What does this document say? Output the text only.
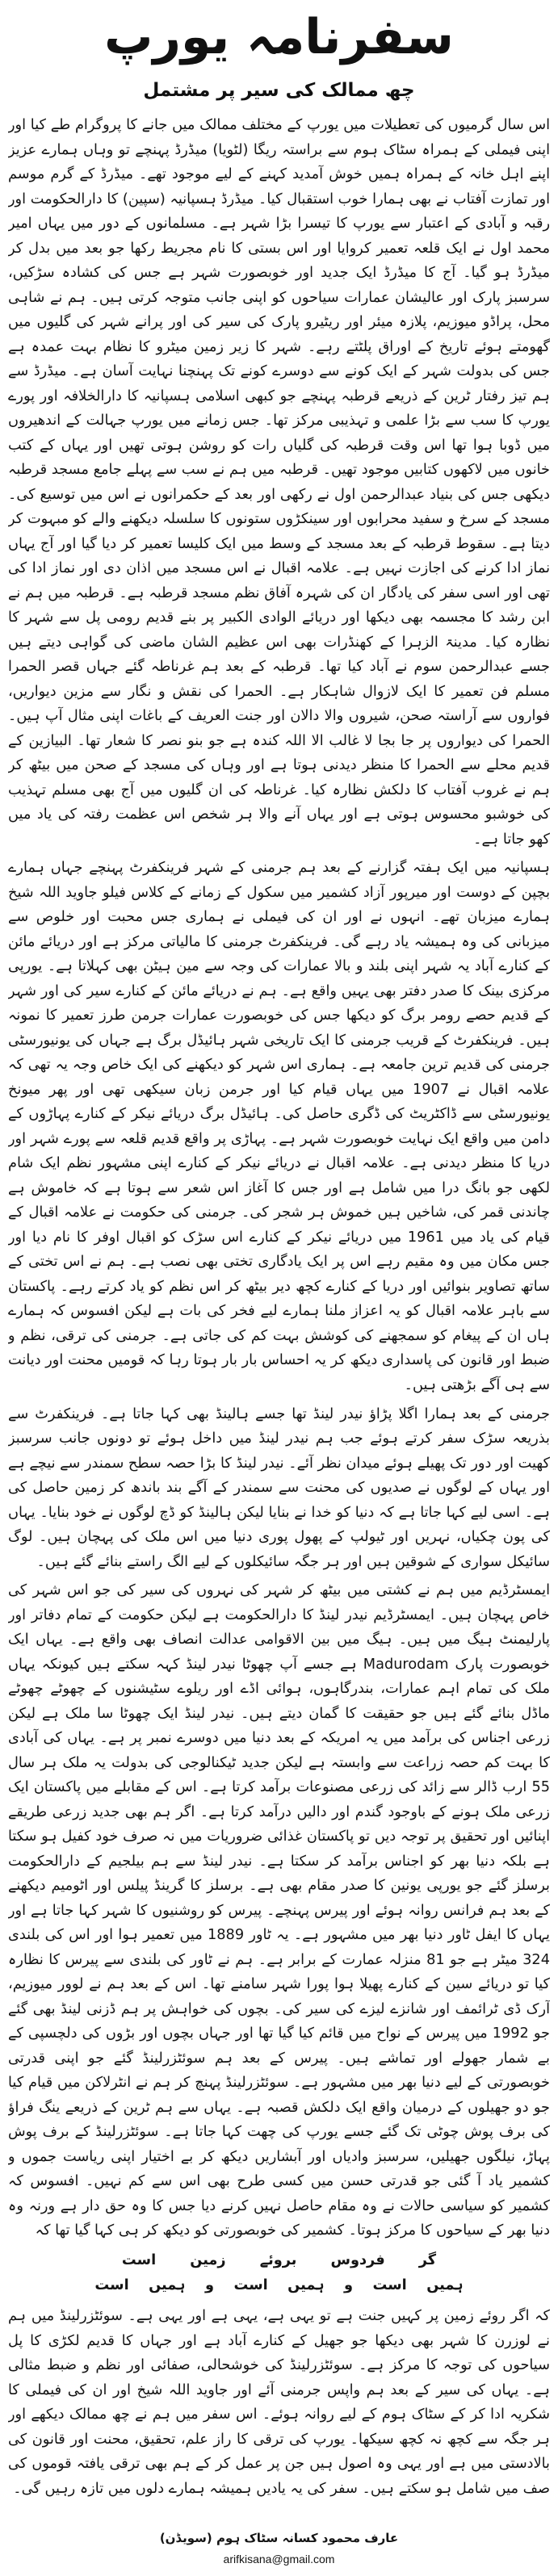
سفرنامہ یورپ
چھ ممالک کی سیر پر مشتمل

اس سال گرمیوں کی تعطیلات میں یورپ کے مختلف ممالک میں جانے کا پروگرام طے کیا اور اپنی فیملی کے ہمراہ سٹاک ہوم سے براستہ ریگا (لٹویا) میڈرڈ پہنچے تو وہاں ہمارے عزیز اپنے اہل خانہ کے ہمراہ ہمیں خوش آمدید کہنے کے لیے موجود تھے۔ میڈرڈ کے گرم موسم اور تمازت آفتاب نے بھی ہمارا خوب استقبال کیا۔ میڈرڈ ہسپانیہ (سپین) کا دارالحکومت اور رقبہ و آبادی کے اعتبار سے یورپ کا تیسرا بڑا شہر ہے۔ مسلمانوں کے دور میں یہاں امیر محمد اول نے ایک قلعہ تعمیر کروایا اور اس بستی کا نام مجریط رکھا جو بعد میں بدل کر میڈرڈ ہو گیا۔ آج کا میڈرڈ ایک جدید اور خوبصورت شہر ہے جس کی کشادہ سڑکیں، سرسبز پارک اور عالیشان عمارات سیاحوں کو اپنی جانب متوجہ کرتی ہیں۔ ہم نے شاہی محل، پراڈو میوزیم، پلازہ میئر اور ریٹیرو پارک کی سیر کی اور پرانے شہر کی گلیوں میں گھومتے ہوئے تاریخ کے اوراق پلٹتے رہے۔ شہر کا زیر زمین میٹرو کا نظام بہت عمدہ ہے جس کی بدولت شہر کے ایک کونے سے دوسرے کونے تک پہنچنا نہایت آسان ہے۔ میڈرڈ سے ہم تیز رفتار ٹرین کے ذریعے قرطبہ پہنچے جو کبھی اسلامی ہسپانیہ کا دارالخلافہ اور پورے یورپ کا سب سے بڑا علمی و تہذیبی مرکز تھا۔ جس زمانے میں یورپ جہالت کے اندھیروں میں ڈوبا ہوا تھا اس وقت قرطبہ کی گلیاں رات کو روشن ہوتی تھیں اور یہاں کے کتب خانوں میں لاکھوں کتابیں موجود تھیں۔ قرطبہ میں ہم نے سب سے پہلے جامع مسجد قرطبہ دیکھی جس کی بنیاد عبدالرحمن اول نے رکھی اور بعد کے حکمرانوں نے اس میں توسیع کی۔ مسجد کے سرخ و سفید محرابوں اور سینکڑوں ستونوں کا سلسلہ دیکھنے والے کو مبہوت کر دیتا ہے۔ سقوط قرطبہ کے بعد مسجد کے وسط میں ایک کلیسا تعمیر کر دیا گیا اور آج یہاں نماز ادا کرنے کی اجازت نہیں ہے۔ علامہ اقبال نے اس مسجد میں اذان دی اور نماز ادا کی تھی اور اسی سفر کی یادگار ان کی شہرہ آفاق نظم مسجد قرطبہ ہے۔ قرطبہ میں ہم نے ابن رشد کا مجسمہ بھی دیکھا اور دریائے الوادی الکبیر پر بنے قدیم رومی پل سے شہر کا نظارہ کیا۔ مدینۃ الزہرا کے کھنڈرات بھی اس عظیم الشان ماضی کی گواہی دیتے ہیں جسے عبدالرحمن سوم نے آباد کیا تھا۔ قرطبہ کے بعد ہم غرناطہ گئے جہاں قصر الحمرا مسلم فن تعمیر کا ایک لازوال شاہکار ہے۔ الحمرا کی نقش و نگار سے مزین دیواریں، فواروں سے آراستہ صحن، شیروں والا دالان اور جنت العریف کے باغات اپنی مثال آپ ہیں۔ الحمرا کی دیواروں پر جا بجا لا غالب الا اللہ کندہ ہے جو بنو نصر کا شعار تھا۔ البیازین کے قدیم محلے سے الحمرا کا منظر دیدنی ہوتا ہے اور وہاں کی مسجد کے صحن میں بیٹھ کر ہم نے غروب آفتاب کا دلکش نظارہ کیا۔ غرناطہ کی ان گلیوں میں آج بھی مسلم تہذیب کی خوشبو محسوس ہوتی ہے اور یہاں آنے والا ہر شخص اس عظمت رفتہ کی یاد میں کھو جاتا ہے۔

ہسپانیہ میں ایک ہفتہ گزارنے کے بعد ہم جرمنی کے شہر فرینکفرٹ پہنچے جہاں ہمارے بچپن کے دوست اور میرپور آزاد کشمیر میں سکول کے زمانے کے کلاس فیلو جاوید اللہ شیخ ہمارے میزبان تھے۔ انہوں نے اور ان کی فیملی نے ہماری جس محبت اور خلوص سے میزبانی کی وہ ہمیشہ یاد رہے گی۔ فرینکفرٹ جرمنی کا مالیاتی مرکز ہے اور دریائے مائن کے کنارے آباد یہ شہر اپنی بلند و بالا عمارات کی وجہ سے مین ہیٹن بھی کہلاتا ہے۔ یورپی مرکزی بینک کا صدر دفتر بھی یہیں واقع ہے۔ ہم نے دریائے مائن کے کنارے سیر کی اور شہر کے قدیم حصے رومر برگ کو دیکھا جس کی خوبصورت عمارات جرمن طرز تعمیر کا نمونہ ہیں۔ فرینکفرٹ کے قریب جرمنی کا ایک تاریخی شہر ہائیڈل برگ ہے جہاں کی یونیورسٹی جرمنی کی قدیم ترین جامعہ ہے۔ ہماری اس شہر کو دیکھنے کی ایک خاص وجہ یہ تھی کہ علامہ اقبال نے 1907 میں یہاں قیام کیا اور جرمن زبان سیکھی تھی اور پھر میونخ یونیورسٹی سے ڈاکٹریٹ کی ڈگری حاصل کی۔ ہائیڈل برگ دریائے نیکر کے کنارے پہاڑوں کے دامن میں واقع ایک نہایت خوبصورت شہر ہے۔ پہاڑی پر واقع قدیم قلعہ سے پورے شہر اور دریا کا منظر دیدنی ہے۔ علامہ اقبال نے دریائے نیکر کے کنارے اپنی مشہور نظم ایک شام لکھی جو بانگ درا میں شامل ہے اور جس کا آغاز اس شعر سے ہوتا ہے کہ خاموش ہے چاندنی قمر کی، شاخیں ہیں خموش ہر شجر کی۔ جرمنی کی حکومت نے علامہ اقبال کے قیام کی یاد میں 1961 میں دریائے نیکر کے کنارے اس سڑک کو اقبال اوفر کا نام دیا اور جس مکان میں وہ مقیم رہے اس پر ایک یادگاری تختی بھی نصب ہے۔ ہم نے اس تختی کے ساتھ تصاویر بنوائیں اور دریا کے کنارے کچھ دیر بیٹھ کر اس نظم کو یاد کرتے رہے۔ پاکستان سے باہر علامہ اقبال کو یہ اعزاز ملنا ہمارے لیے فخر کی بات ہے لیکن افسوس کہ ہمارے ہاں ان کے پیغام کو سمجھنے کی کوشش بہت کم کی جاتی ہے۔ جرمنی کی ترقی، نظم و ضبط اور قانون کی پاسداری دیکھ کر یہ احساس بار بار ہوتا رہا کہ قومیں محنت اور دیانت سے ہی آگے بڑھتی ہیں۔

جرمنی کے بعد ہمارا اگلا پڑاؤ نیدر لینڈ تھا جسے ہالینڈ بھی کہا جاتا ہے۔ فرینکفرٹ سے بذریعہ سڑک سفر کرتے ہوئے جب ہم نیدر لینڈ میں داخل ہوئے تو دونوں جانب سرسبز کھیت اور دور تک پھیلے ہوئے میدان نظر آئے۔ نیدر لینڈ کا بڑا حصہ سطح سمندر سے نیچے ہے اور یہاں کے لوگوں نے صدیوں کی محنت سے سمندر کے آگے بند باندھ کر زمین حاصل کی ہے۔ اسی لیے کہا جاتا ہے کہ دنیا کو خدا نے بنایا لیکن ہالینڈ کو ڈچ لوگوں نے خود بنایا۔ یہاں کی پون چکیاں، نہریں اور ٹیولپ کے پھول پوری دنیا میں اس ملک کی پہچان ہیں۔ لوگ سائیکل سواری کے شوقین ہیں اور ہر جگہ سائیکلوں کے لیے الگ راستے بنائے گئے ہیں۔

ایمسٹرڈیم میں ہم نے کشتی میں بیٹھ کر شہر کی نہروں کی سیر کی جو اس شہر کی خاص پہچان ہیں۔ ایمسٹرڈیم نیدر لینڈ کا دارالحکومت ہے لیکن حکومت کے تمام دفاتر اور پارلیمنٹ ہیگ میں ہیں۔ ہیگ میں بین الاقوامی عدالت انصاف بھی واقع ہے۔ یہاں ایک خوبصورت پارک Madurodam ہے جسے آپ چھوٹا نیدر لینڈ کہہ سکتے ہیں کیونکہ یہاں ملک کی تمام اہم عمارات، بندرگاہوں، ہوائی اڈے اور ریلوے سٹیشنوں کے چھوٹے چھوٹے ماڈل بنائے گئے ہیں جو حقیقت کا گمان دیتے ہیں۔ نیدر لینڈ ایک چھوٹا سا ملک ہے لیکن زرعی اجناس کی برآمد میں یہ امریکہ کے بعد دنیا میں دوسرے نمبر پر ہے۔ یہاں کی آبادی کا بہت کم حصہ زراعت سے وابستہ ہے لیکن جدید ٹیکنالوجی کی بدولت یہ ملک ہر سال 55 ارب ڈالر سے زائد کی زرعی مصنوعات برآمد کرتا ہے۔ اس کے مقابلے میں پاکستان ایک زرعی ملک ہونے کے باوجود گندم اور دالیں درآمد کرتا ہے۔ اگر ہم بھی جدید زرعی طریقے اپنائیں اور تحقیق پر توجہ دیں تو پاکستان غذائی ضروریات میں نہ صرف خود کفیل ہو سکتا ہے بلکہ دنیا بھر کو اجناس برآمد کر سکتا ہے۔ نیدر لینڈ سے ہم بیلجیم کے دارالحکومت برسلز گئے جو یورپی یونین کا صدر مقام بھی ہے۔ برسلز کا گرینڈ پیلس اور اٹومیم دیکھنے کے بعد ہم فرانس روانہ ہوئے اور پیرس پہنچے۔ پیرس کو روشنیوں کا شہر کہا جاتا ہے اور یہاں کا ایفل ٹاور دنیا بھر میں مشہور ہے۔ یہ ٹاور 1889 میں تعمیر ہوا اور اس کی بلندی 324 میٹر ہے جو 81 منزلہ عمارت کے برابر ہے۔ ہم نے ٹاور کی بلندی سے پیرس کا نظارہ کیا تو دریائے سین کے کنارے پھیلا ہوا پورا شہر سامنے تھا۔ اس کے بعد ہم نے لوور میوزیم، آرک ڈی ٹرائمف اور شانزے لیزے کی سیر کی۔ بچوں کی خواہش پر ہم ڈزنی لینڈ بھی گئے جو 1992 میں پیرس کے نواح میں قائم کیا گیا تھا اور جہاں بچوں اور بڑوں کی دلچسپی کے بے شمار جھولے اور تماشے ہیں۔ پیرس کے بعد ہم سوئٹزرلینڈ گئے جو اپنی قدرتی خوبصورتی کے لیے دنیا بھر میں مشہور ہے۔ سوئٹزرلینڈ پہنچ کر ہم نے انٹرلاکن میں قیام کیا جو دو جھیلوں کے درمیان واقع ایک دلکش قصبہ ہے۔ یہاں سے ہم ٹرین کے ذریعے ینگ فراؤ کی برف پوش چوٹی تک گئے جسے یورپ کی چھت کہا جاتا ہے۔ سوئٹزرلینڈ کے برف پوش پہاڑ، نیلگوں جھیلیں، سرسبز وادیاں اور آبشاریں دیکھ کر بے اختیار اپنی ریاست جموں و کشمیر یاد آ گئی جو قدرتی حسن میں کسی طرح بھی اس سے کم نہیں۔ افسوس کہ کشمیر کو سیاسی حالات نے وہ مقام حاصل نہیں کرنے دیا جس کا وہ حق دار ہے ورنہ وہ دنیا بھر کے سیاحوں کا مرکز ہوتا۔ کشمیر کی خوبصورتی کو دیکھ کر ہی کہا گیا تھا کہ

گر
فردوس
بروئے
زمین
است
ہمیں
است
و
ہمیں
است
و
ہمیں
است

کہ اگر روئے زمین پر کہیں جنت ہے تو یہی ہے، یہی ہے اور یہی ہے۔ سوئٹزرلینڈ میں ہم نے لوزرن کا شہر بھی دیکھا جو جھیل کے کنارے آباد ہے اور جہاں کا قدیم لکڑی کا پل سیاحوں کی توجہ کا مرکز ہے۔ سوئٹزرلینڈ کی خوشحالی، صفائی اور نظم و ضبط مثالی ہے۔ یہاں کی سیر کے بعد ہم واپس جرمنی آئے اور جاوید اللہ شیخ اور ان کی فیملی کا شکریہ ادا کر کے سٹاک ہوم کے لیے روانہ ہوئے۔ اس سفر میں ہم نے چھ ممالک دیکھے اور ہر جگہ سے کچھ نہ کچھ سیکھا۔ یورپ کی ترقی کا راز علم، تحقیق، محنت اور قانون کی بالادستی میں ہے اور یہی وہ اصول ہیں جن پر عمل کر کے ہم بھی ترقی یافتہ قوموں کی صف میں شامل ہو سکتے ہیں۔ سفر کی یہ یادیں ہمیشہ ہمارے دلوں میں تازہ رہیں گی۔

عارف محمود کسانہ سٹاک ہوم (سویڈن)
arifkisana@gmail.com
